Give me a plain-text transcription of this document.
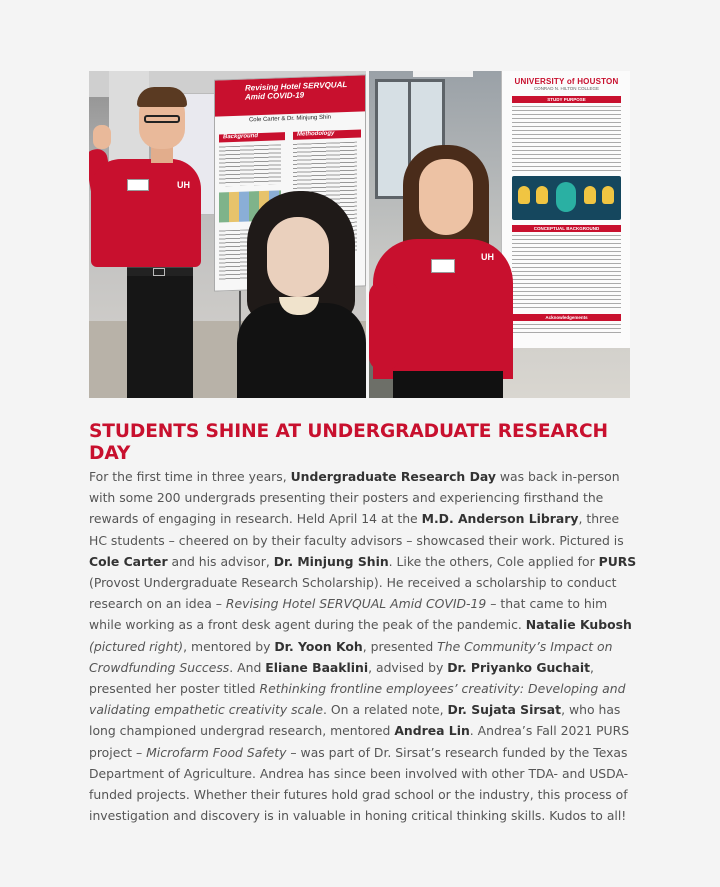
Revising Hotel SERVQUAL Amid COVID-19
Cole Carter & Dr. Minjung Shin
Background	Methodology
UH
UNIVERSITY of HOUSTON
CONRAD N. HILTON COLLEGE
STUDY PURPOSE
CONCEPTUAL BACKGROUND
Acknowledgements
UH
STUDENTS SHINE AT UNDERGRADUATE RESEARCH DAY

For the first time in three years, Undergraduate Research Day was back in-person with some 200 undergrads presenting their posters and experiencing firsthand the rewards of engaging in research. Held April 14 at the M.D. Anderson Library, three HC students – cheered on by their faculty advisors – showcased their work. Pictured is Cole Carter and his advisor, Dr. Minjung Shin. Like the others, Cole applied for PURS (Provost Undergraduate Research Scholarship). He received a scholarship to conduct research on an idea – Revising Hotel SERVQUAL Amid COVID-19 – that came to him while working as a front desk agent during the peak of the pandemic. Natalie Kubosh (pictured right), mentored by Dr. Yoon Koh, presented The Community’s Impact on Crowdfunding Success. And Eliane Baaklini, advised by Dr. Priyanko Guchait, presented her poster titled Rethinking frontline employees’ creativity: Developing and validating empathetic creativity scale. On a related note, Dr. Sujata Sirsat, who has long championed undergrad research, mentored Andrea Lin. Andrea’s Fall 2021 PURS project – Microfarm Food Safety – was part of Dr. Sirsat’s research funded by the Texas Department of Agriculture. Andrea has since been involved with other TDA- and USDA-funded projects. Whether their futures hold grad school or the industry, this process of investigation and discovery is in valuable in honing critical thinking skills. Kudos to all!
